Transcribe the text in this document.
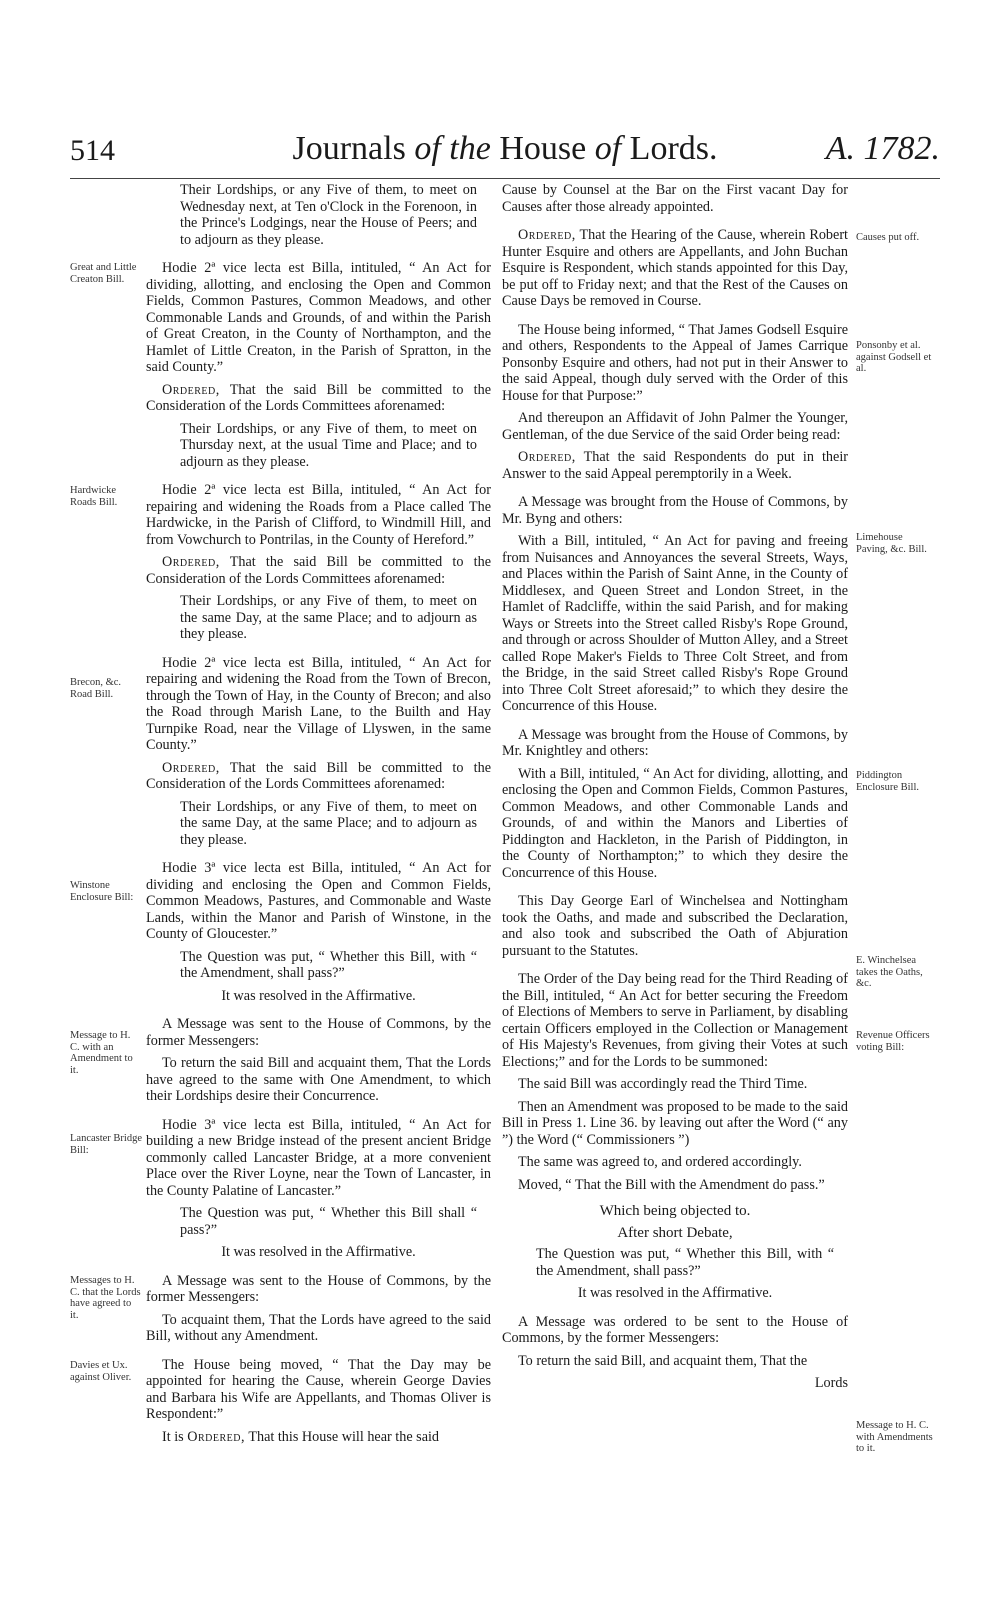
514	Journals of the House of Lords.	A. 1782.
Great and Little Creaton Bill.
Hardwicke Roads Bill.
Brecon, &c. Road Bill.
Winstone Enclosure Bill:
Message to H. C. with an Amendment to it.
Lancaster Bridge Bill:
Messages to H. C. that the Lords have agreed to it.
Davies et Ux. against Oliver.
Causes put off.
Ponsonby et al. against Godsell et al.
Limehouse Paving, &c. Bill.
Piddington Enclosure Bill.
E. Winchelsea takes the Oaths, &c.
Revenue Officers voting Bill:
Message to H. C. with Amendments to it.

Their Lordships, or any Five of them, to meet on Wednesday next, at Ten o'Clock in the Forenoon, in the Prince's Lodgings, near the House of Peers; and to adjourn as they please.

Hodie 2ª vice lecta est Billa, intituled, “ An Act for dividing, allotting, and enclosing the Open and Common Fields, Common Pastures, Common Meadows, and other Commonable Lands and Grounds, of and within the Parish of Great Creaton, in the County of Northampton, and the Hamlet of Little Creaton, in the Parish of Spratton, in the said County.”

Ordered, That the said Bill be committed to the Consideration of the Lords Committees aforenamed:

Their Lordships, or any Five of them, to meet on Thursday next, at the usual Time and Place; and to adjourn as they please.

Hodie 2ª vice lecta est Billa, intituled, “ An Act for repairing and widening the Roads from a Place called The Hardwicke, in the Parish of Clifford, to Windmill Hill, and from Vowchurch to Pontrilas, in the County of Hereford.”

Ordered, That the said Bill be committed to the Consideration of the Lords Committees aforenamed:

Their Lordships, or any Five of them, to meet on the same Day, at the same Place; and to adjourn as they please.

Hodie 2ª vice lecta est Billa, intituled, “ An Act for repairing and widening the Road from the Town of Brecon, through the Town of Hay, in the County of Brecon; and also the Road through Marish Lane, to the Builth and Hay Turnpike Road, near the Village of Llyswen, in the same County.”

Ordered, That the said Bill be committed to the Consideration of the Lords Committees aforenamed:

Their Lordships, or any Five of them, to meet on the same Day, at the same Place; and to adjourn as they please.

Hodie 3ª vice lecta est Billa, intituled, “ An Act for dividing and enclosing the Open and Common Fields, Common Meadows, Pastures, and Commonable and Waste Lands, within the Manor and Parish of Winstone, in the County of Gloucester.”

The Question was put, “ Whether this Bill, with “ the Amendment, shall pass?”

It was resolved in the Affirmative.

A Message was sent to the House of Commons, by the former Messengers:

To return the said Bill and acquaint them, That the Lords have agreed to the same with One Amendment, to which their Lordships desire their Concurrence.

Hodie 3ª vice lecta est Billa, intituled, “ An Act for building a new Bridge instead of the present ancient Bridge commonly called Lancaster Bridge, at a more convenient Place over the River Loyne, near the Town of Lancaster, in the County Palatine of Lancaster.”

The Question was put, “ Whether this Bill shall “ pass?”

It was resolved in the Affirmative.

A Message was sent to the House of Commons, by the former Messengers:

To acquaint them, That the Lords have agreed to the said Bill, without any Amendment.

The House being moved, “ That the Day may be appointed for hearing the Cause, wherein George Davies and Barbara his Wife are Appellants, and Thomas Oliver is Respondent:”

It is Ordered, That this House will hear the said

Cause by Counsel at the Bar on the First vacant Day for Causes after those already appointed.

Ordered, That the Hearing of the Cause, wherein Robert Hunter Esquire and others are Appellants, and John Buchan Esquire is Respondent, which stands appointed for this Day, be put off to Friday next; and that the Rest of the Causes on Cause Days be removed in Course.

The House being informed, “ That James Godsell Esquire and others, Respondents to the Appeal of James Carrique Ponsonby Esquire and others, had not put in their Answer to the said Appeal, though duly served with the Order of this House for that Purpose:”

And thereupon an Affidavit of John Palmer the Younger, Gentleman, of the due Service of the said Order being read:

Ordered, That the said Respondents do put in their Answer to the said Appeal peremptorily in a Week.

A Message was brought from the House of Commons, by Mr. Byng and others:

With a Bill, intituled, “ An Act for paving and freeing from Nuisances and Annoyances the several Streets, Ways, and Places within the Parish of Saint Anne, in the County of Middlesex, and Queen Street and London Street, in the Hamlet of Radcliffe, within the said Parish, and for making Ways or Streets into the Street called Risby's Rope Ground, and through or across Shoulder of Mutton Alley, and a Street called Rope Maker's Fields to Three Colt Street, and from the Bridge, in the said Street called Risby's Rope Ground into Three Colt Street aforesaid;” to which they desire the Concurrence of this House.

A Message was brought from the House of Commons, by Mr. Knightley and others:

With a Bill, intituled, “ An Act for dividing, allotting, and enclosing the Open and Common Fields, Common Pastures, Common Meadows, and other Commonable Lands and Grounds, of and within the Manors and Liberties of Piddington and Hackleton, in the Parish of Piddington, in the County of Northampton;” to which they desire the Concurrence of this House.

This Day George Earl of Winchelsea and Nottingham took the Oaths, and made and subscribed the Declaration, and also took and subscribed the Oath of Abjuration pursuant to the Statutes.

The Order of the Day being read for the Third Reading of the Bill, intituled, “ An Act for better securing the Freedom of Elections of Members to serve in Parliament, by disabling certain Officers employed in the Collection or Management of His Majesty's Revenues, from giving their Votes at such Elections;” and for the Lords to be summoned:

The said Bill was accordingly read the Third Time.

Then an Amendment was proposed to be made to the said Bill in Press 1. Line 36. by leaving out after the Word (“ any ”) the Word (“ Commissioners ”)

The same was agreed to, and ordered accordingly.

Moved, “ That the Bill with the Amendment do pass.”

Which being objected to.

After short Debate,

The Question was put, “ Whether this Bill, with “ the Amendment, shall pass?”

It was resolved in the Affirmative.

A Message was ordered to be sent to the House of Commons, by the former Messengers:

To return the said Bill, and acquaint them, That the

Lords
